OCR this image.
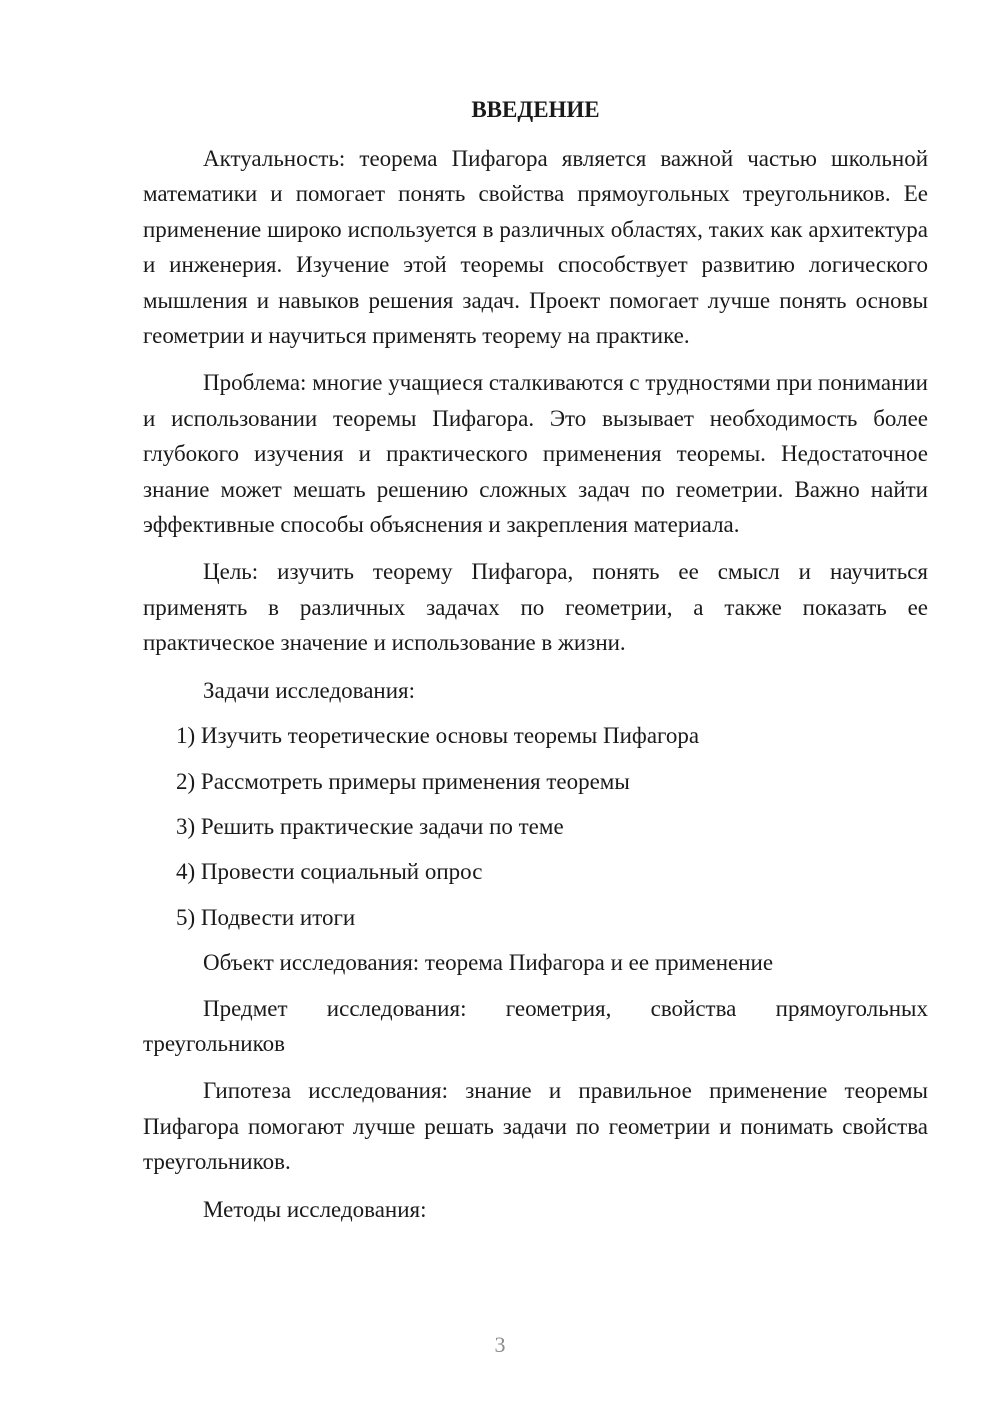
ВВЕДЕНИЕ

Актуальность: теорема Пифагора является важной частью школьной математики и помогает понять свойства прямоугольных треугольников. Ее применение широко используется в различных областях, таких как архитектура и инженерия. Изучение этой теоремы способствует развитию логического мышления и навыков решения задач. Проект помогает лучше понять основы геометрии и научиться применять теорему на практике.

Проблема: многие учащиеся сталкиваются с трудностями при понимании и использовании теоремы Пифагора. Это вызывает необходимость более глубокого изучения и практического применения теоремы. Недостаточное знание может мешать решению сложных задач по геометрии. Важно найти эффективные способы объяснения и закрепления материала.

Цель: изучить теорему Пифагора, понять ее смысл и научиться применять в различных задачах по геометрии, а также показать ее практическое значение и использование в жизни.

Задачи исследования:

1) Изучить теоретические основы теоремы Пифагора

2) Рассмотреть примеры применения теоремы

3) Решить практические задачи по теме

4) Провести социальный опрос

5) Подвести итоги

Объект исследования: теорема Пифагора и ее применение

Предмет исследования: геометрия, свойства прямоугольных треугольников

Гипотеза исследования: знание и правильное применение теоремы Пифагора помогают лучше решать задачи по геометрии и понимать свойства треугольников.

Методы исследования:

3
